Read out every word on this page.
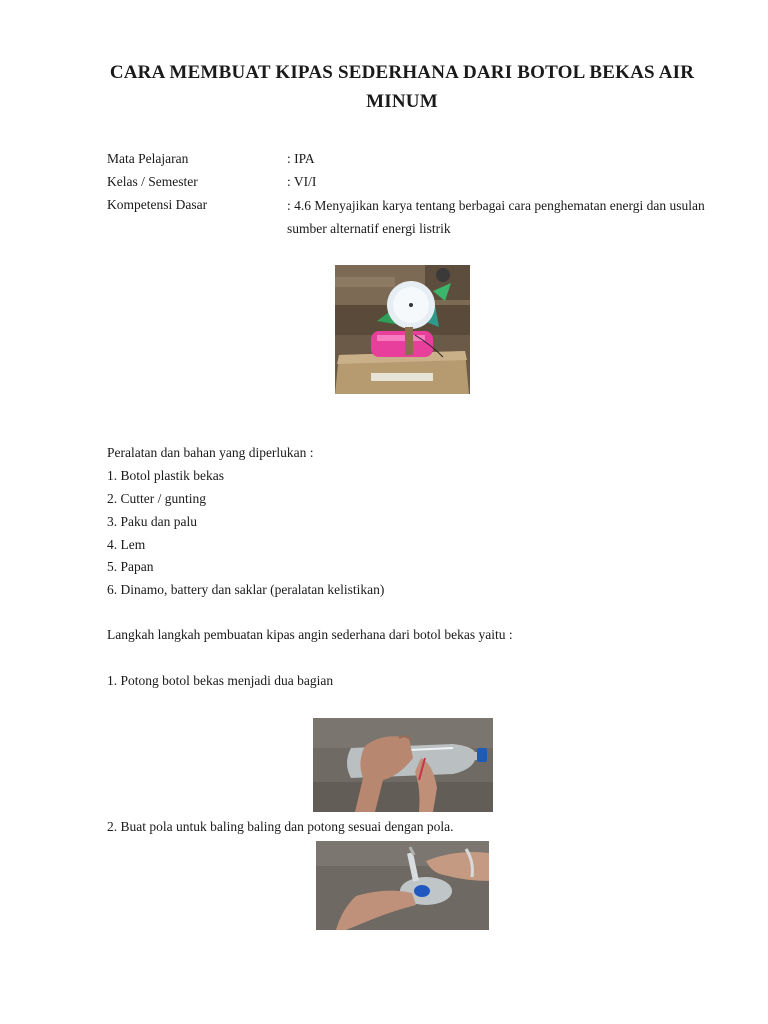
CARA MEMBUAT KIPAS SEDERHANA DARI BOTOL BEKAS AIR MINUM
Mata Pelajaran	: IPA
Kelas / Semester	: VI/I
Kompetensi Dasar	: 4.6 Menyajikan karya tentang berbagai cara penghematan energi dan usulan sumber alternatif energi listrik
Peralatan dan bahan yang diperlukan :
1. Botol plastik bekas
2. Cutter / gunting
3. Paku dan palu
4. Lem
5. Papan
6. Dinamo, battery dan saklar (peralatan kelistikan)
Langkah langkah pembuatan kipas angin sederhana dari botol bekas yaitu :
1. Potong botol bekas menjadi dua bagian
2. Buat pola untuk baling baling dan potong sesuai dengan pola.
